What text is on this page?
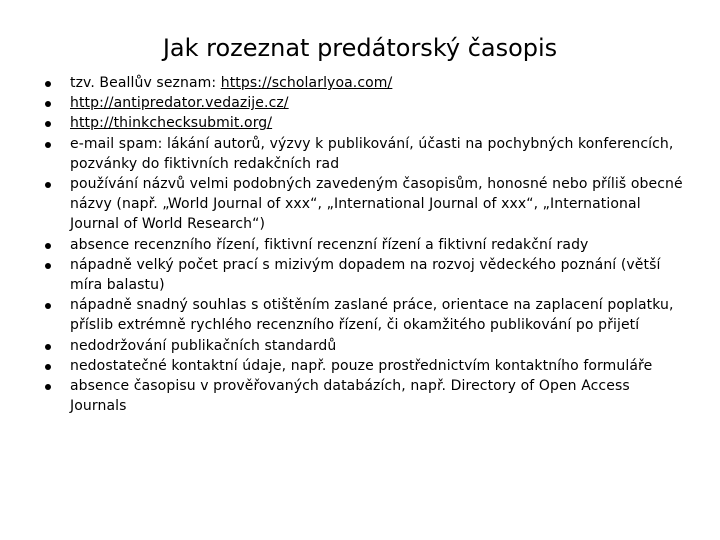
Jak rozeznat predátorský časopis
tzv. Beallův seznam: https://scholarlyoa.com/
http://antipredator.vedazije.cz/
http://thinkchecksubmit.org/
e-mail spam: lákání autorů, výzvy k publikování, účasti na pochybných konferencích, pozvánky do fiktivních redakčních rad
používání názvů velmi podobných zavedeným časopisům, honosné nebo příliš obecné názvy (např. „World Journal of xxx“, „International Journal of xxx“, „International Journal of World Research“)
absence recenzního řízení, fiktivní recenzní řízení a fiktivní redakční rady
nápadně velký počet prací s mizivým dopadem na rozvoj vědeckého poznání (větší míra balastu)
nápadně snadný souhlas s otištěním zaslané práce, orientace na zaplacení poplatku, příslib extrémně rychlého recenzního řízení, či okamžitého publikování po přijetí
nedodržování publikačních standardů
nedostatečné kontaktní údaje, např. pouze prostřednictvím kontaktního formuláře
absence časopisu v prověřovaných databázích, např. Directory of Open Access Journals
